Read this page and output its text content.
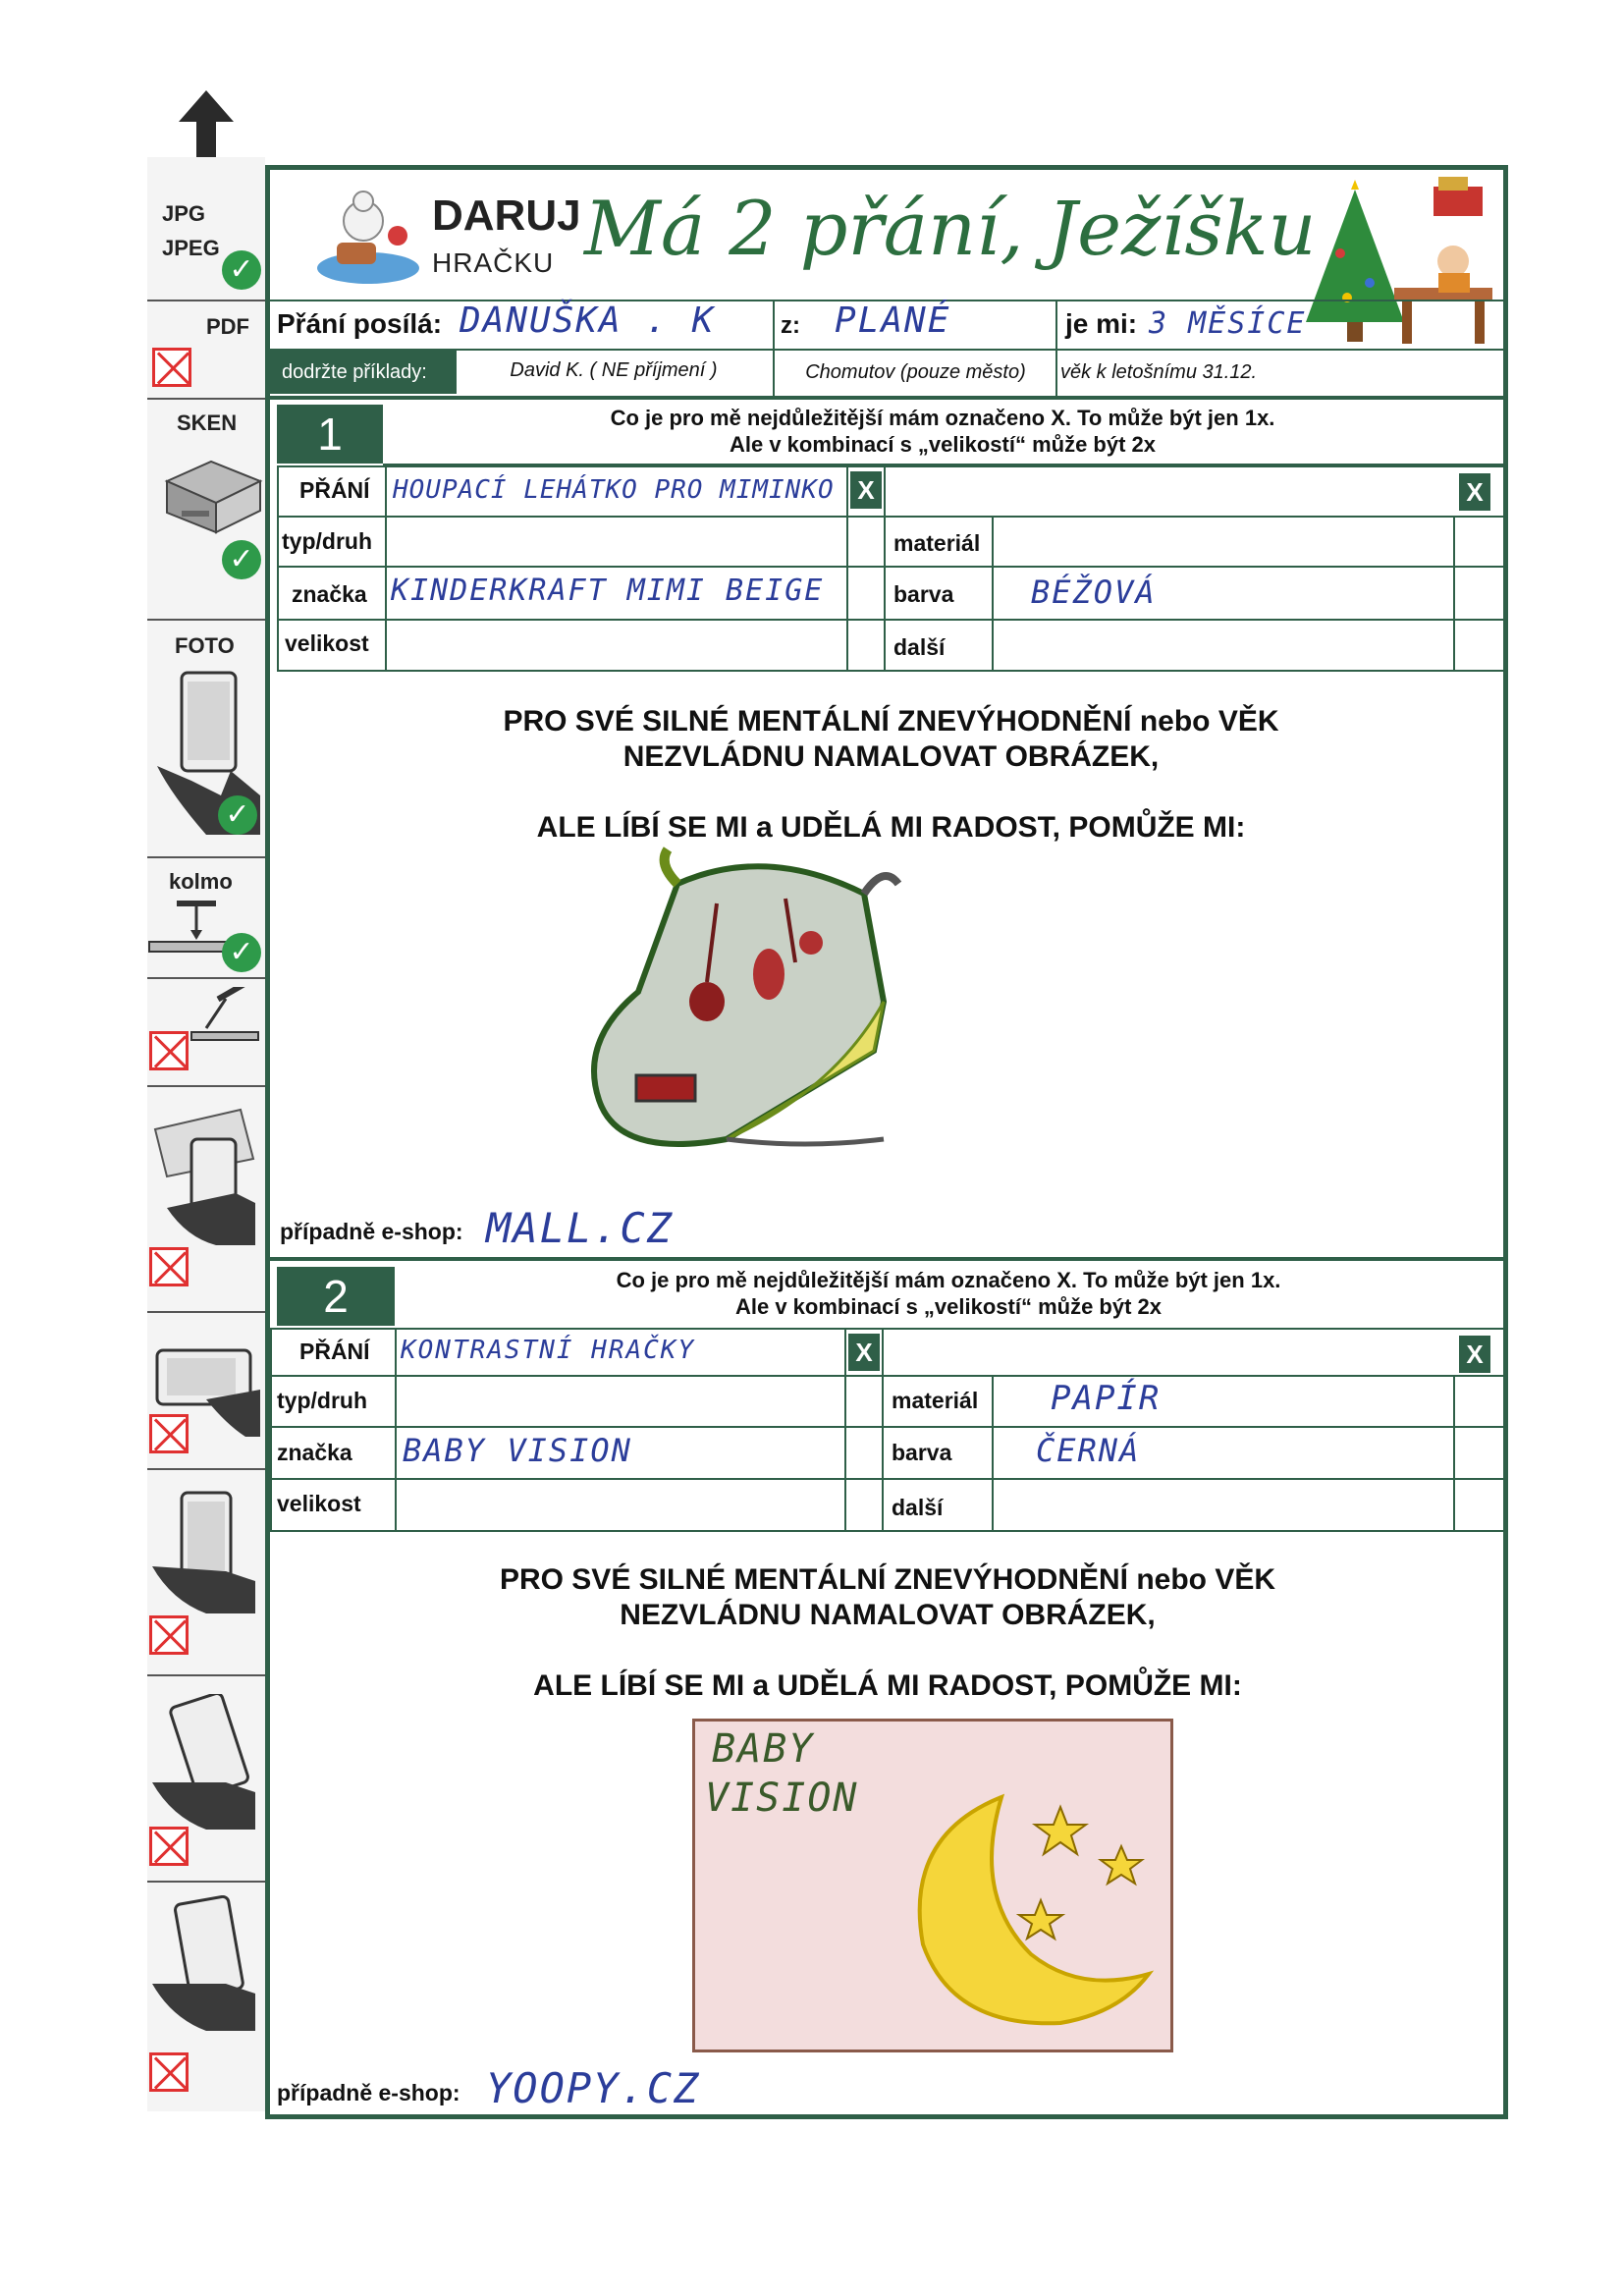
JPG
JPEG
✓
PDF
SKEN
✓
FOTO
✓
kolmo
✓
DARUJ
HRAČKU Má 2 přání, Ježíšku
Přání posílá: DANUŠKA . K	z: PLANÉ	je mi: 3 MĚSÍCE
dodržte příklady:	David K. ( NE příjmení )	Chomutov (pouze město)	věk k letošnímu 31.12.
1	Co je pro mě nejdůležitější mám označeno X. To může být jen 1x.
Ale v kombinací s „velikostí“ může být 2x
PŘÁNÍ HOUPACÍ LEHÁTKO PRO MIMINKO X	X
typ/druh	materiál
značka KINDERKRAFT MIMI BEIGE	barva BÉŽOVÁ
velikost	další
PRO SVÉ SILNÉ MENTÁLNÍ ZNEVÝHODNĚNÍ nebo VĚK
NEZVLÁDNU NAMALOVAT OBRÁZEK,
ALE LÍBÍ SE MI a UDĚLÁ MI RADOST, POMŮŽE MI:
případně e-shop: MALL.CZ
2	Co je pro mě nejdůležitější mám označeno X. To může být jen 1x.
Ale v kombinací s „velikostí“ může být 2x
PŘÁNÍ KONTRASTNÍ HRAČKY	X	X
typ/druh	materiál PAPÍR
značka BABY VISION	barva	ČERNÁ
velikost	další
PRO SVÉ SILNÉ MENTÁLNÍ ZNEVÝHODNĚNÍ nebo VĚK
NEZVLÁDNU NAMALOVAT OBRÁZEK,
ALE LÍBÍ SE MI a UDĚLÁ MI RADOST, POMŮŽE MI:
BABY
VISION
případně e-shop: YOOPY.CZ
